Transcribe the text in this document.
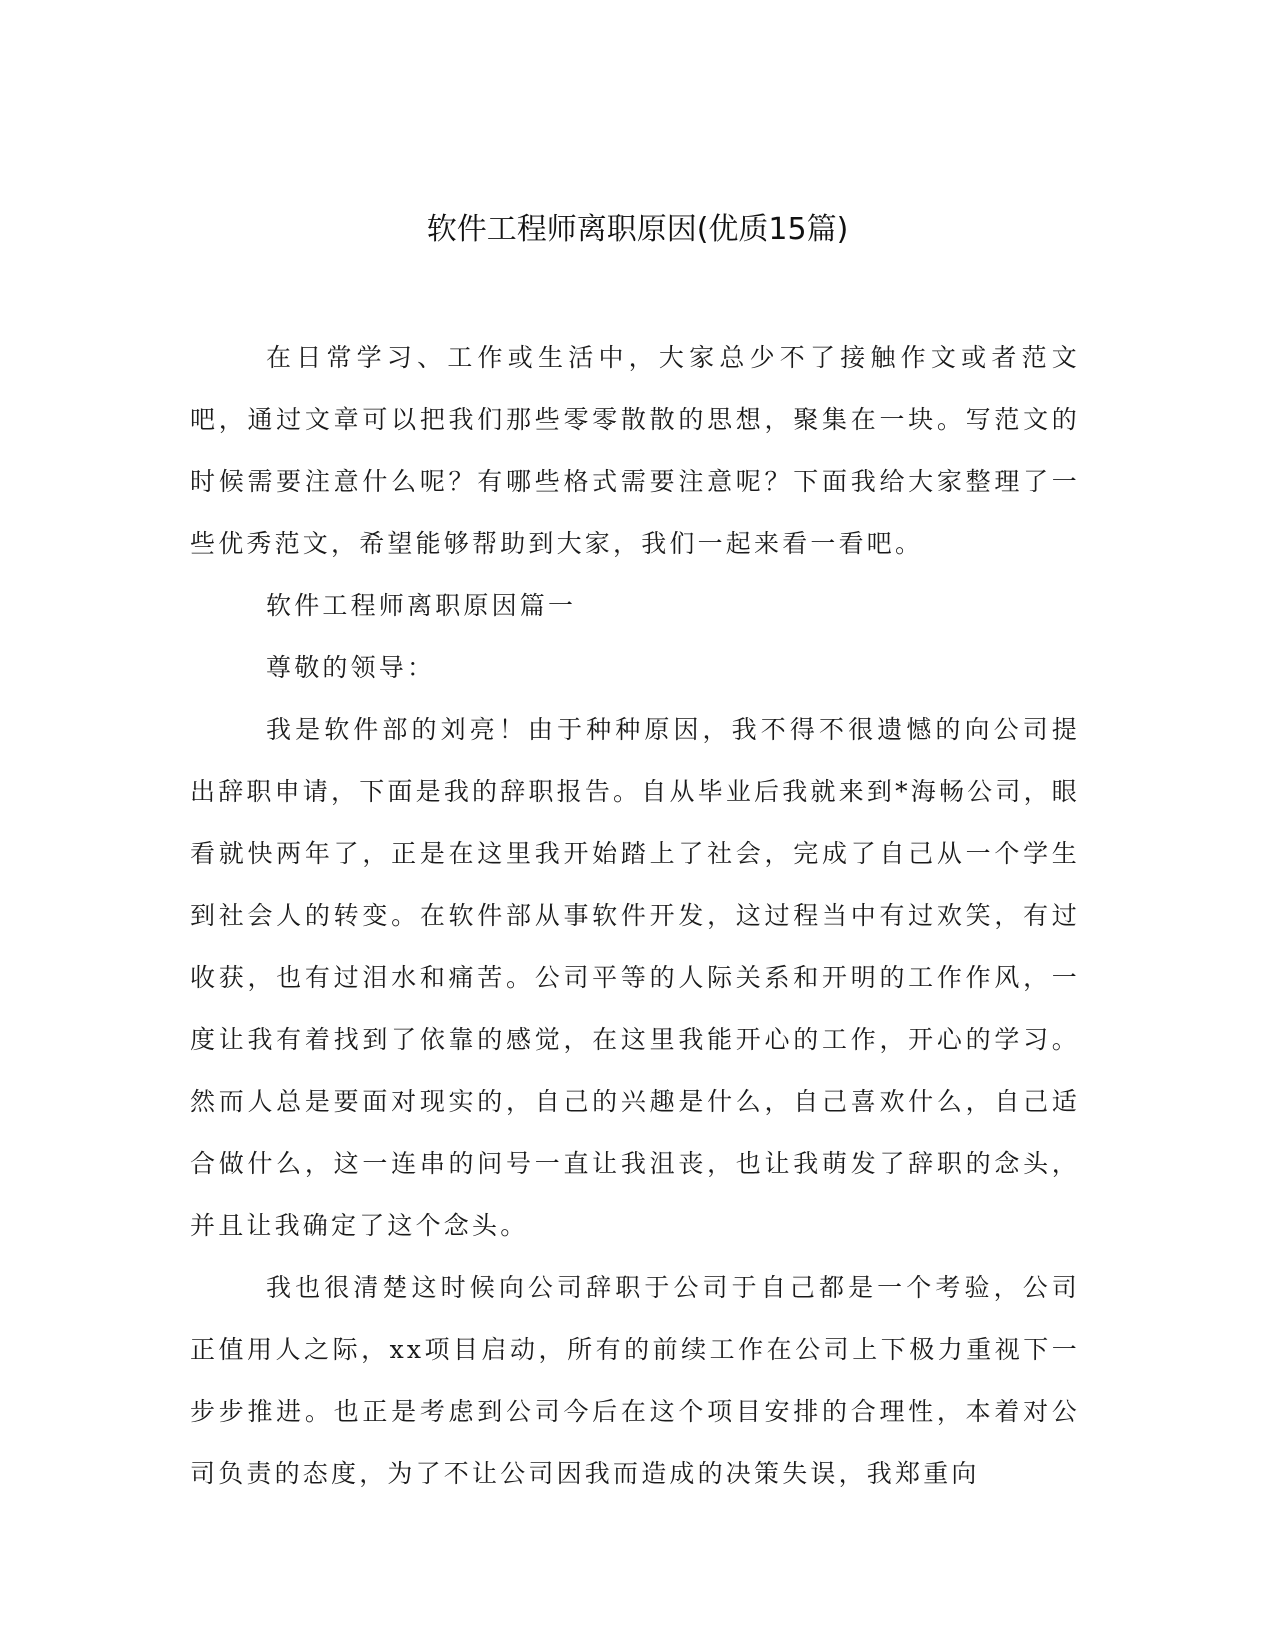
软件工程师离职原因(优质15篇)

在日常学习、工作或生活中，大家总少不了接触作文或者范文吧，通过文章可以把我们那些零零散散的思想，聚集在一块。写范文的时候需要注意什么呢？有哪些格式需要注意呢？下面我给大家整理了一些优秀范文，希望能够帮助到大家，我们一起来看一看吧。

软件工程师离职原因篇一

尊敬的领导：

我是软件部的刘亮！由于种种原因，我不得不很遗憾的向公司提出辞职申请，下面是我的辞职报告。自从毕业后我就来到*海畅公司，眼看就快两年了，正是在这里我开始踏上了社会，完成了自己从一个学生到社会人的转变。在软件部从事软件开发，这过程当中有过欢笑，有过收获，也有过泪水和痛苦。公司平等的人际关系和开明的工作作风，一度让我有着找到了依靠的感觉，在这里我能开心的工作，开心的学习。然而人总是要面对现实的，自己的兴趣是什么，自己喜欢什么，自己适合做什么，这一连串的问号一直让我沮丧，也让我萌发了辞职的念头，并且让我确定了这个念头。

我也很清楚这时候向公司辞职于公司于自己都是一个考验，公司正值用人之际，xx项目启动，所有的前续工作在公司上下极力重视下一步步推进。也正是考虑到公司今后在这个项目安排的合理性，本着对公司负责的态度，为了不让公司因我而造成的决策失误，我郑重向
